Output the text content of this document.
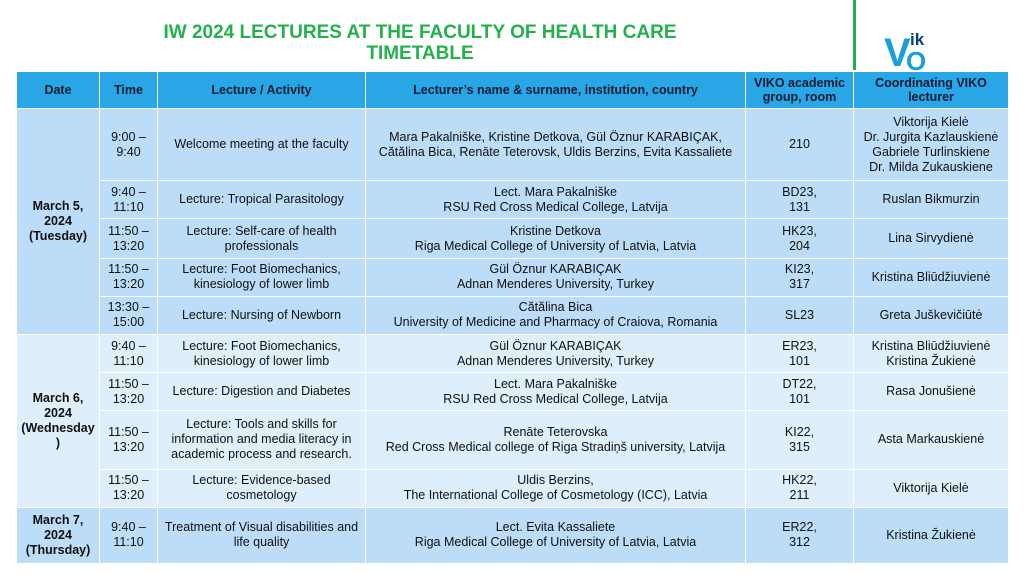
IW 2024 LECTURES AT THE FACULTY OF HEALTH CARE
TIMETABLE	V ik
O
Date	Time	Lecture / Activity	Lecturer’s name & surname, institution, country	VIKO academic group, room	Coordinating VIKO lecturer

March 5,
2024
(Tuesday)	9:00 –
9:40	Welcome meeting at the faculty	Mara Pakalniške, Kristine Detkova, Gül Öznur KARABIÇAK,
Cătălina Bica, Renāte Teterovsk, Uldis Berzins, Evita Kassaliete	210	Viktorija Kielė
Dr. Jurgita Kazlauskienė
Gabriele Turlinskiene
Dr. Milda Zukauskiene

	9:40 –
11:10	Lecture: Tropical Parasitology	Lect. Mara Pakalniške
RSU Red Cross Medical College, Latvija	BD23,
131	Ruslan Bikmurzin

	11:50 –
13:20	Lecture: Self-care of health
professionals	Kristine Detkova
Riga Medical College of University of Latvia, Latvia	HK23,
204	Lina Sirvydienė

	11:50 –
13:20	Lecture: Foot Biomechanics,
kinesiology of lower limb	Gül Öznur KARABIÇAK
Adnan Menderes University, Turkey	KI23,
317	Kristina Bliūdžiuvienė

	13:30 –
15:00	Lecture: Nursing of Newborn	Cătălina Bica
University of Medicine and Pharmacy of Craiova, Romania	SL23	Greta Juškevičiūtė

March 6,
2024
(Wednesday
)	9:40 –
11:10	Lecture: Foot Biomechanics,
kinesiology of lower limb	Gül Öznur KARABIÇAK
Adnan Menderes University, Turkey	ER23,
101	Kristina Bliūdžiuvienė
Kristina Žukienė

	11:50 –
13:20	Lecture: Digestion and Diabetes	Lect. Mara Pakalniške
RSU Red Cross Medical College, Latvija	DT22,
101	Rasa Jonušienė

	11:50 –
13:20	Lecture: Tools and skills for
information and media literacy in
academic process and research.	Renāte Teterovska
Red Cross Medical college of Riga Stradiņš university, Latvija	KI22,
315	Asta Markauskienė

	11:50 –
13:20	Lecture: Evidence-based
cosmetology	Uldis Berzins,
The International College of Cosmetology (ICC), Latvia	HK22,
211	Viktorija Kielė

March 7,
2024
(Thursday)	9:40 –
11:10	Treatment of Visual disabilities and
life quality	Lect. Evita Kassaliete
Riga Medical College of University of Latvia, Latvia	ER22,
312	Kristina Žukienė
